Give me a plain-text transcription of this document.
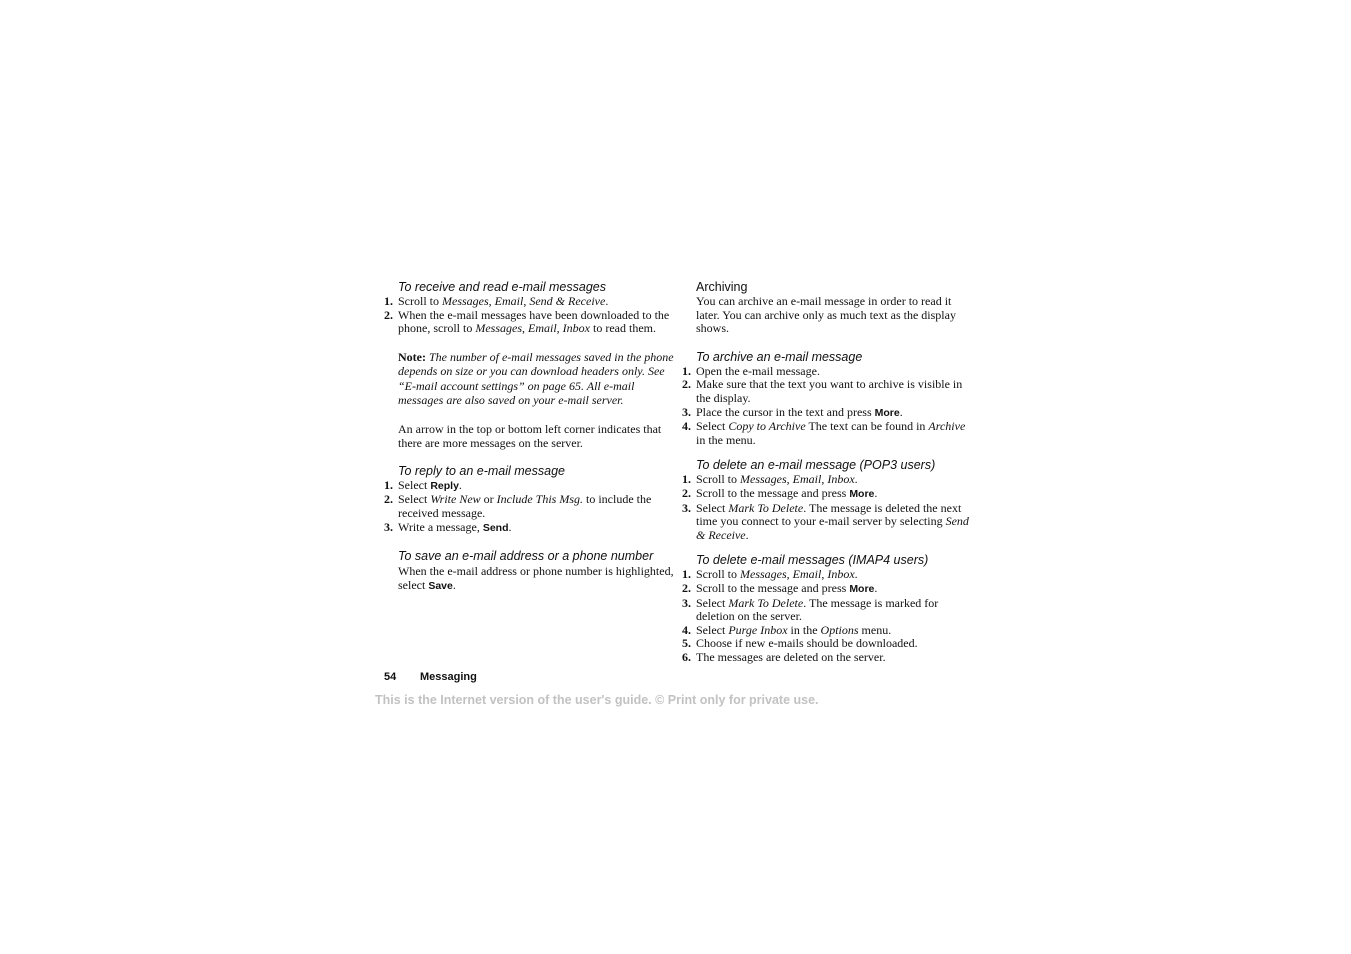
To receive and read e-mail messages
1. Scroll to Messages, Email, Send & Receive.
2. When the e-mail messages have been downloaded to the phone, scroll to Messages, Email, Inbox to read them.
Note: The number of e-mail messages saved in the phone depends on size or you can download headers only. See “E-mail account settings” on page 65. All e-mail messages are also saved on your e-mail server.
An arrow in the top or bottom left corner indicates that there are more messages on the server.
To reply to an e-mail message
1. Select Reply.
2. Select Write New or Include This Msg. to include the received message.
3. Write a message, Send.
To save an e-mail address or a phone number
When the e-mail address or phone number is highlighted, select Save.
Archiving
You can archive an e-mail message in order to read it later. You can archive only as much text as the display shows.
To archive an e-mail message
1. Open the e-mail message.
2. Make sure that the text you want to archive is visible in the display.
3. Place the cursor in the text and press More.
4. Select Copy to Archive The text can be found in Archive in the menu.
To delete an e-mail message (POP3 users)
1. Scroll to Messages, Email, Inbox.
2. Scroll to the message and press More.
3. Select Mark To Delete. The message is deleted the next time you connect to your e-mail server by selecting Send & Receive.
To delete e-mail messages (IMAP4 users)
1. Scroll to Messages, Email, Inbox.
2. Scroll to the message and press More.
3. Select Mark To Delete. The message is marked for deletion on the server.
4. Select Purge Inbox in the Options menu.
5. Choose if new e-mails should be downloaded.
6. The messages are deleted on the server.
54 Messaging
This is the Internet version of the user's guide. © Print only for private use.
